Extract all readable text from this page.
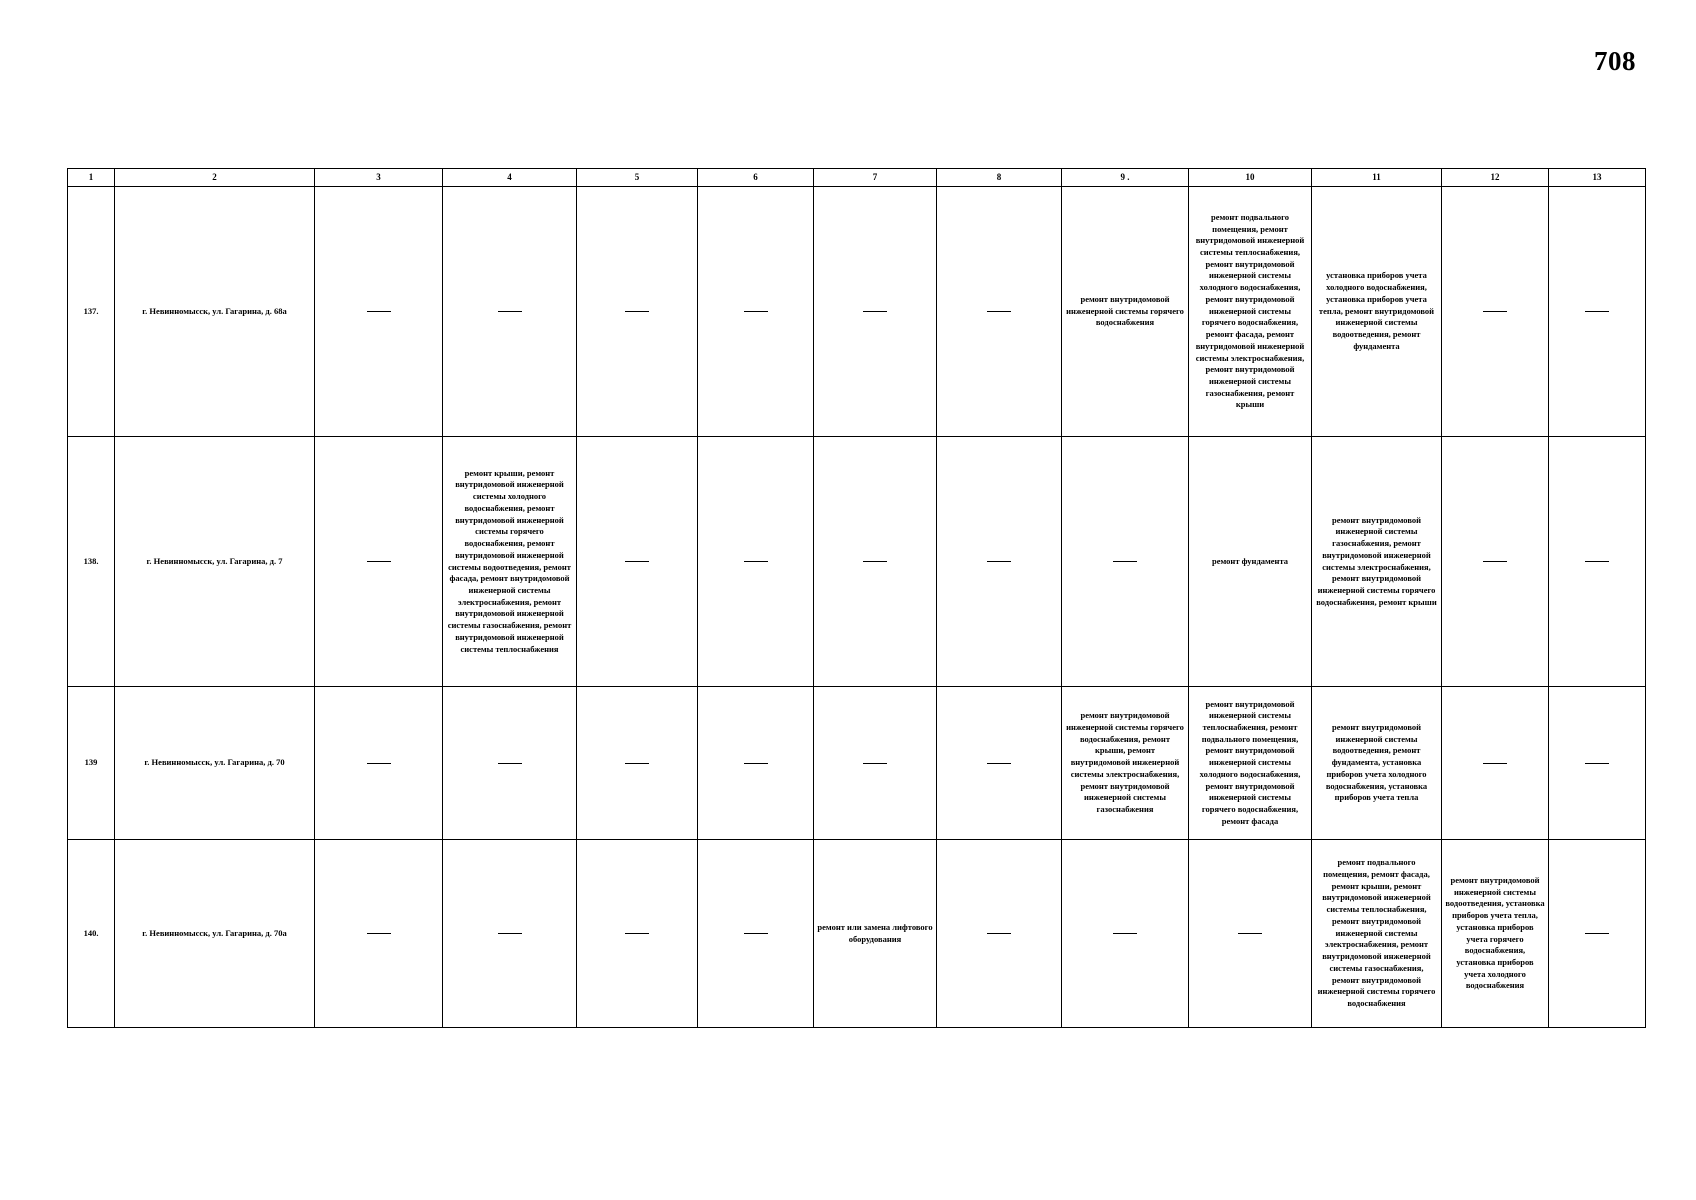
708
1	2	3	4	5	6	7	8	9 .	10	11	12	13
137.	г. Невинномысск, ул. Гагарина, д. 68а							ремонт внутридомовой инженерной системы горячего водоснабжения	ремонт подвального помещения, ремонт внутридомовой инженерной системы теплоснабжения, ремонт внутридомовой инженерной системы холодного водоснабжения, ремонт внутридомовой инженерной системы горячего водоснабжения, ремонт фасада, ремонт внутридомовой инженерной системы электроснабжения, ремонт внутридомовой инженерной системы газоснабжения, ремонт крыши	установка приборов учета холодного водоснабжения, установка приборов учета тепла, ремонт внутридомовой инженерной системы водоотведения, ремонт фундамента		
138.	г. Невинномысск, ул. Гагарина, д. 7		ремонт крыши, ремонт внутридомовой инженерной системы холодного водоснабжения, ремонт внутридомовой инженерной системы горячего водоснабжения, ремонт внутридомовой инженерной системы водоотведения, ремонт фасада, ремонт внутридомовой инженерной системы электроснабжения, ремонт внутридомовой инженерной системы газоснабжения, ремонт внутридомовой инженерной системы теплоснабжения						ремонт фундамента	ремонт внутридомовой инженерной системы газоснабжения, ремонт внутридомовой инженерной системы электроснабжения, ремонт внутридомовой инженерной системы горячего водоснабжения, ремонт крыши		
139	г. Невинномысск, ул. Гагарина, д. 70							ремонт внутридомовой инженерной системы горячего водоснабжения, ремонт крыши, ремонт внутридомовой инженерной системы электроснабжения, ремонт внутридомовой инженерной системы газоснабжения	ремонт внутридомовой инженерной системы теплоснабжения, ремонт подвального помещения, ремонт внутридомовой инженерной системы холодного водоснабжения, ремонт внутридомовой инженерной системы горячего водоснабжения, ремонт фасада	ремонт внутридомовой инженерной системы водоотведения, ремонт фундамента, установка приборов учета холодного водоснабжения, установка приборов учета тепла		
140.	г. Невинномысск, ул. Гагарина, д. 70а					ремонт или замена лифтового оборудования				ремонт подвального помещения, ремонт фасада, ремонт крыши, ремонт внутридомовой инженерной системы теплоснабжения, ремонт внутридомовой инженерной системы электроснабжения, ремонт внутридомовой инженерной системы газоснабжения, ремонт внутридомовой инженерной системы горячего водоснабжения	ремонт внутридомовой инженерной системы водоотведения, установка приборов учета тепла, установка приборов учета горячего водоснабжения, установка приборов учета холодного водоснабжения	
